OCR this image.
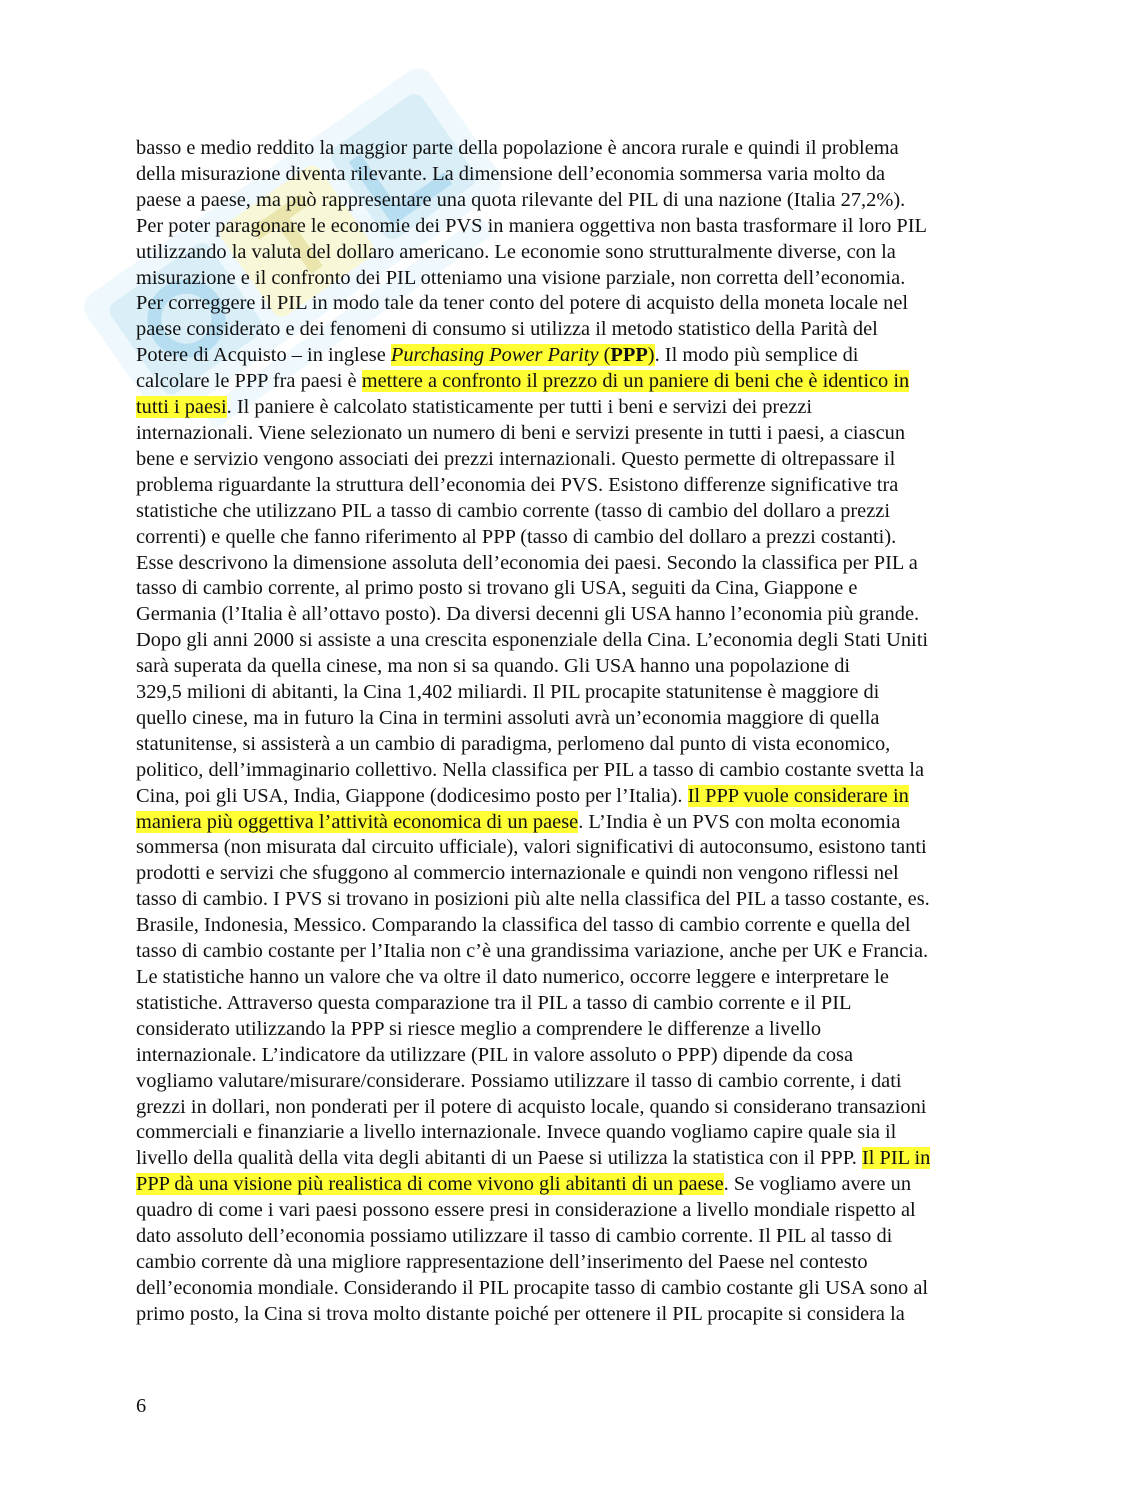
basso e medio reddito la maggior parte della popolazione è ancora rurale e quindi il problema
della misurazione diventa rilevante. La dimensione dell’economia sommersa varia molto da
paese a paese, ma può rappresentare una quota rilevante del PIL di una nazione (Italia 27,2%).
Per poter paragonare le economie dei PVS in maniera oggettiva non basta trasformare il loro PIL
utilizzando la valuta del dollaro americano. Le economie sono strutturalmente diverse, con la
misurazione e il confronto dei PIL otteniamo una visione parziale, non corretta dell’economia.
Per correggere il PIL in modo tale da tener conto del potere di acquisto della moneta locale nel
paese considerato e dei fenomeni di consumo si utilizza il metodo statistico della Parità del
Potere di Acquisto – in inglese Purchasing Power Parity (PPP). Il modo più semplice di
calcolare le PPP fra paesi è mettere a confronto il prezzo di un paniere di beni che è identico in
tutti i paesi. Il paniere è calcolato statisticamente per tutti i beni e servizi dei prezzi
internazionali. Viene selezionato un numero di beni e servizi presente in tutti i paesi, a ciascun
bene e servizio vengono associati dei prezzi internazionali. Questo permette di oltrepassare il
problema riguardante la struttura dell’economia dei PVS. Esistono differenze significative tra
statistiche che utilizzano PIL a tasso di cambio corrente (tasso di cambio del dollaro a prezzi
correnti) e quelle che fanno riferimento al PPP (tasso di cambio del dollaro a prezzi costanti).
Esse descrivono la dimensione assoluta dell’economia dei paesi. Secondo la classifica per PIL a
tasso di cambio corrente, al primo posto si trovano gli USA, seguiti da Cina, Giappone e
Germania (l’Italia è all’ottavo posto). Da diversi decenni gli USA hanno l’economia più grande.
Dopo gli anni 2000 si assiste a una crescita esponenziale della Cina. L’economia degli Stati Uniti
sarà superata da quella cinese, ma non si sa quando. Gli USA hanno una popolazione di
329,5 milioni di abitanti, la Cina 1,402 miliardi. Il PIL procapite statunitense è maggiore di
quello cinese, ma in futuro la Cina in termini assoluti avrà un’economia maggiore di quella
statunitense, si assisterà a un cambio di paradigma, perlomeno dal punto di vista economico,
politico, dell’immaginario collettivo. Nella classifica per PIL a tasso di cambio costante svetta la
Cina, poi gli USA, India, Giappone (dodicesimo posto per l’Italia). Il PPP vuole considerare in
maniera più oggettiva l’attività economica di un paese. L’India è un PVS con molta economia
sommersa (non misurata dal circuito ufficiale), valori significativi di autoconsumo, esistono tanti
prodotti e servizi che sfuggono al commercio internazionale e quindi non vengono riflessi nel
tasso di cambio. I PVS si trovano in posizioni più alte nella classifica del PIL a tasso costante, es.
Brasile, Indonesia, Messico. Comparando la classifica del tasso di cambio corrente e quella del
tasso di cambio costante per l’Italia non c’è una grandissima variazione, anche per UK e Francia.
Le statistiche hanno un valore che va oltre il dato numerico, occorre leggere e interpretare le
statistiche. Attraverso questa comparazione tra il PIL a tasso di cambio corrente e il PIL
considerato utilizzando la PPP si riesce meglio a comprendere le differenze a livello
internazionale. L’indicatore da utilizzare (PIL in valore assoluto o PPP) dipende da cosa
vogliamo valutare/misurare/considerare. Possiamo utilizzare il tasso di cambio corrente, i dati
grezzi in dollari, non ponderati per il potere di acquisto locale, quando si considerano transazioni
commerciali e finanziarie a livello internazionale. Invece quando vogliamo capire quale sia il
livello della qualità della vita degli abitanti di un Paese si utilizza la statistica con il PPP. Il PIL in
PPP dà una visione più realistica di come vivono gli abitanti di un paese. Se vogliamo avere un
quadro di come i vari paesi possono essere presi in considerazione a livello mondiale rispetto al
dato assoluto dell’economia possiamo utilizzare il tasso di cambio corrente. Il PIL al tasso di
cambio corrente dà una migliore rappresentazione dell’inserimento del Paese nel contesto
dell’economia mondiale. Considerando il PIL procapite tasso di cambio costante gli USA sono al
primo posto, la Cina si trova molto distante poiché per ottenere il PIL procapite si considera la
6
